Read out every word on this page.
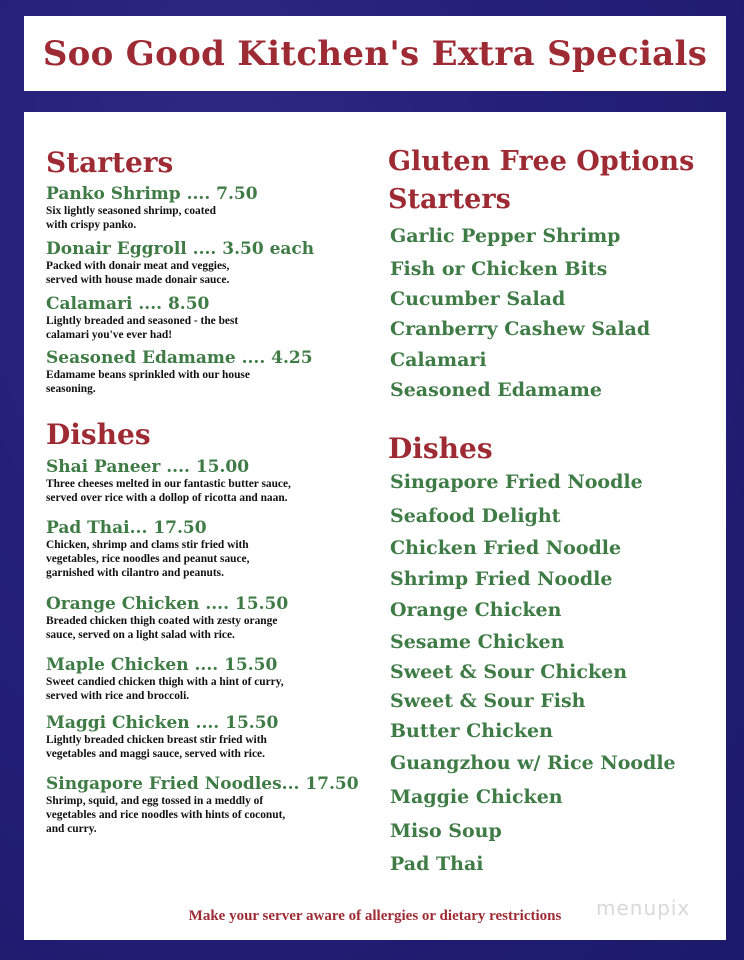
Soo Good Kitchen's Extra Specials
Starters
Panko Shrimp .... 7.50
Six lightly seasoned shrimp, coated
with crispy panko.
Donair Eggroll .... 3.50 each
Packed with donair meat and veggies,
served with house made donair sauce.
Calamari .... 8.50
Lightly breaded and seasoned - the best
calamari you've ever had!
Seasoned Edamame .... 4.25
Edamame beans sprinkled with our house
seasoning.
Dishes
Shai Paneer .... 15.00
Three cheeses melted in our fantastic butter sauce,
served over rice with a dollop of ricotta and naan.
Pad Thai... 17.50
Chicken, shrimp and clams stir fried with
vegetables, rice noodles and peanut sauce,
garnished with cilantro and peanuts.
Orange Chicken .... 15.50
Breaded chicken thigh coated with zesty orange
sauce, served on a light salad with rice.
Maple Chicken .... 15.50
Sweet candied chicken thigh with a hint of curry,
served with rice and broccoli.
Maggi Chicken .... 15.50
Lightly breaded chicken breast stir fried with
vegetables and maggi sauce, served with rice.
Singapore Fried Noodles... 17.50
Shrimp, squid, and egg tossed in a meddly of
vegetables and rice noodles with hints of coconut,
and curry.
Gluten Free Options
Starters
Garlic Pepper Shrimp
Fish or Chicken Bits
Cucumber Salad
Cranberry Cashew Salad
Calamari
Seasoned Edamame
Dishes
Singapore Fried Noodle
Seafood Delight
Chicken Fried Noodle
Shrimp Fried Noodle
Orange Chicken
Sesame Chicken
Sweet & Sour Chicken
Sweet & Sour Fish
Butter Chicken
Guangzhou w/ Rice Noodle
Maggie Chicken
Miso Soup
Pad Thai
Make your server aware of allergies or dietary restrictions	menupix
